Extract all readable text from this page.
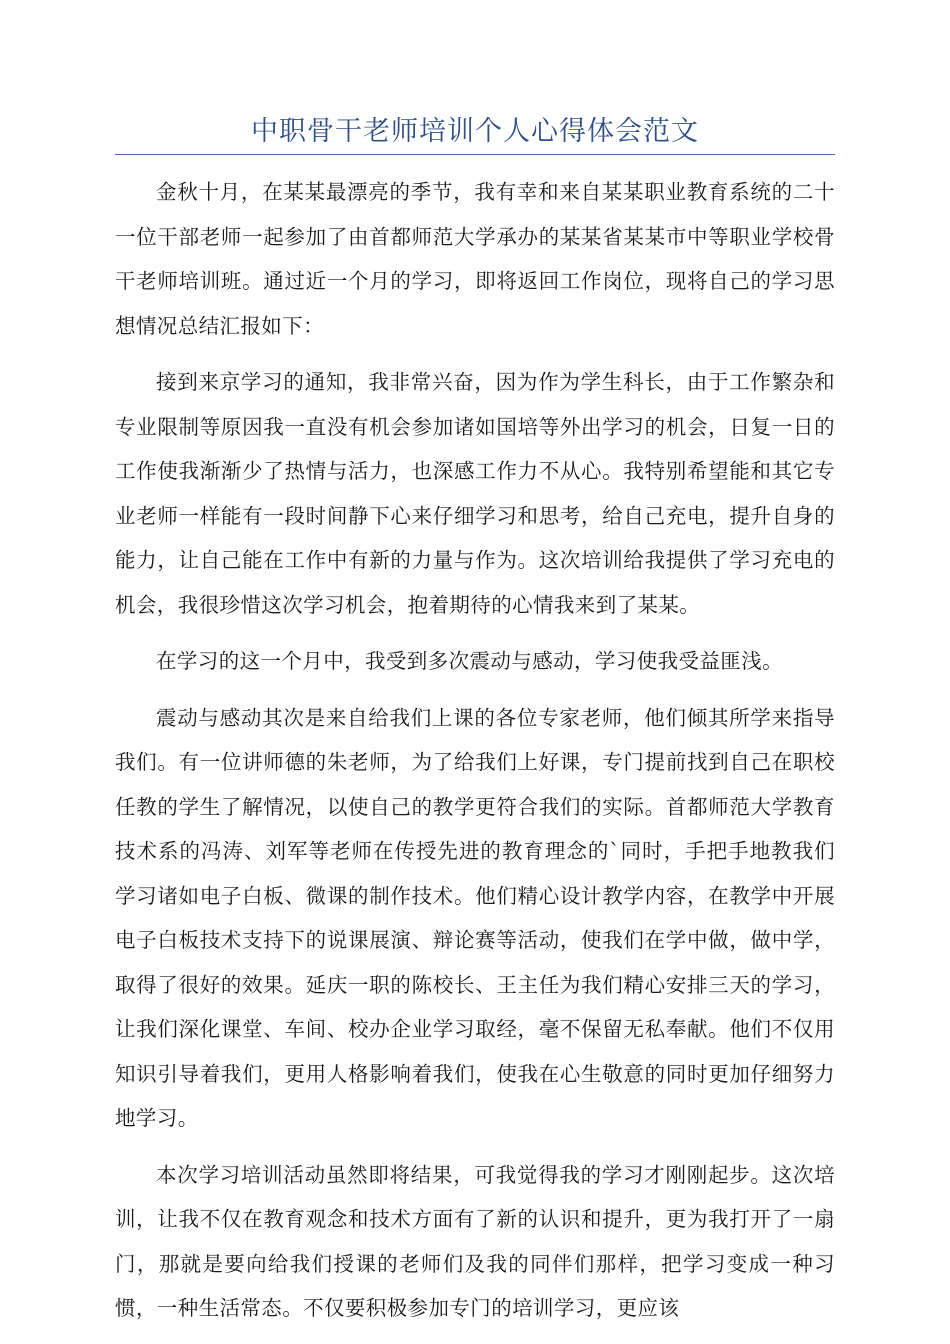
中职骨干老师培训个人心得体会范文

金秋十月，在某某最漂亮的季节，我有幸和来自某某职业教育系统的二十一位干部老师一起参加了由首都师范大学承办的某某省某某市中等职业学校骨干老师培训班。通过近一个月的学习，即将返回工作岗位，现将自己的学习思想情况总结汇报如下：

接到来京学习的通知，我非常兴奋，因为作为学生科长，由于工作繁杂和专业限制等原因我一直没有机会参加诸如国培等外出学习的机会，日复一日的工作使我渐渐少了热情与活力，也深感工作力不从心。我特别希望能和其它专业老师一样能有一段时间静下心来仔细学习和思考，给自己充电，提升自身的能力，让自己能在工作中有新的力量与作为。这次培训给我提供了学习充电的机会，我很珍惜这次学习机会，抱着期待的心情我来到了某某。

在学习的这一个月中，我受到多次震动与感动，学习使我受益匪浅。

震动与感动其次是来自给我们上课的各位专家老师，他们倾其所学来指导我们。有一位讲师德的朱老师，为了给我们上好课，专门提前找到自己在职校任教的学生了解情况，以使自己的教学更符合我们的实际。首都师范大学教育技术系的冯涛、刘军等老师在传授先进的教育理念的`同时，手把手地教我们学习诸如电子白板、微课的制作技术。他们精心设计教学内容，在教学中开展电子白板技术支持下的说课展演、辩论赛等活动，使我们在学中做，做中学，取得了很好的效果。延庆一职的陈校长、王主任为我们精心安排三天的学习，让我们深化课堂、车间、校办企业学习取经，毫不保留无私奉献。他们不仅用知识引导着我们，更用人格影响着我们，使我在心生敬意的同时更加仔细努力地学习。

本次学习培训活动虽然即将结果，可我觉得我的学习才刚刚起步。这次培训，让我不仅在教育观念和技术方面有了新的认识和提升，更为我打开了一扇门，那就是要向给我们授课的老师们及我的同伴们那样，把学习变成一种习惯，一种生活常态。不仅要积极参加专门的培训学习，更应该
